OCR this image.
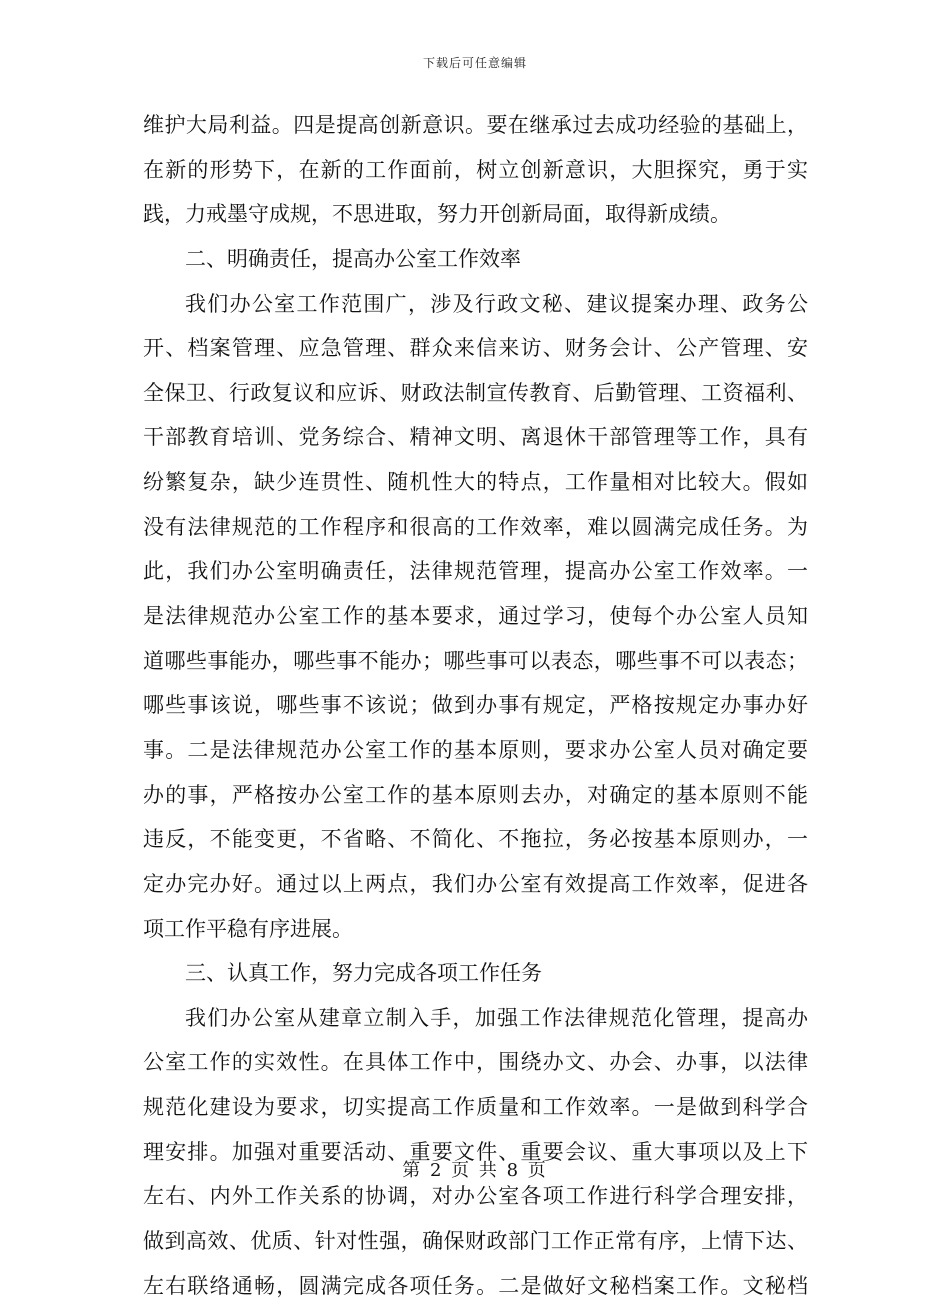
下载后可任意编辑
维护大局利益。四是提高创新意识。要在继承过去成功经验的基础上，
在新的形势下，在新的工作面前，树立创新意识，大胆探究，勇于实
践，力戒墨守成规，不思进取，努力开创新局面，取得新成绩。
二、明确责任，提高办公室工作效率
我们办公室工作范围广，涉及行政文秘、建议提案办理、政务公
开、档案管理、应急管理、群众来信来访、财务会计、公产管理、安
全保卫、行政复议和应诉、财政法制宣传教育、后勤管理、工资福利、
干部教育培训、党务综合、精神文明、离退休干部管理等工作，具有
纷繁复杂，缺少连贯性、随机性大的特点，工作量相对比较大。假如
没有法律规范的工作程序和很高的工作效率，难以圆满完成任务。为
此，我们办公室明确责任，法律规范管理，提高办公室工作效率。一
是法律规范办公室工作的基本要求，通过学习，使每个办公室人员知
道哪些事能办，哪些事不能办；哪些事可以表态，哪些事不可以表态；
哪些事该说，哪些事不该说；做到办事有规定，严格按规定办事办好
事。二是法律规范办公室工作的基本原则，要求办公室人员对确定要
办的事，严格按办公室工作的基本原则去办，对确定的基本原则不能
违反，不能变更，不省略、不简化、不拖拉，务必按基本原则办，一
定办完办好。通过以上两点，我们办公室有效提高工作效率，促进各
项工作平稳有序进展。
三、认真工作，努力完成各项工作任务
我们办公室从建章立制入手，加强工作法律规范化管理，提高办
公室工作的实效性。在具体工作中，围绕办文、办会、办事，以法律
规范化建设为要求，切实提高工作质量和工作效率。一是做到科学合
理安排。加强对重要活动、重要文件、重要会议、重大事项以及上下
左右、内外工作关系的协调，对办公室各项工作进行科学合理安排，
做到高效、优质、针对性强，确保财政部门工作正常有序，上情下达、
左右联络通畅，圆满完成各项任务。二是做好文秘档案工作。文秘档
第 2 页 共 8 页
